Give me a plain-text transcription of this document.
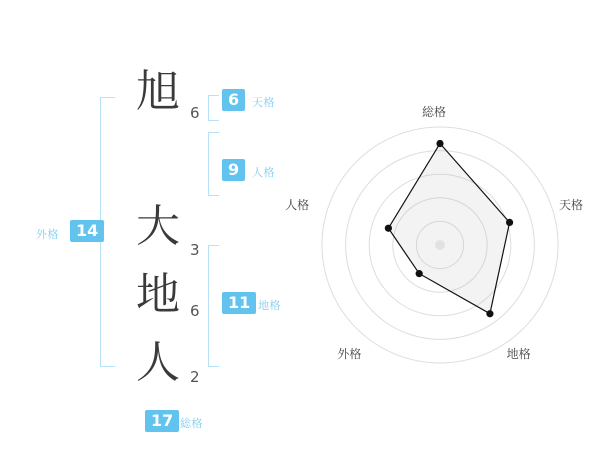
旭
大
地
人
6
3
6
2
6	天格
9	人格
11 地格
外格	14
17 総格
総格
天格
地格
外格
人格
